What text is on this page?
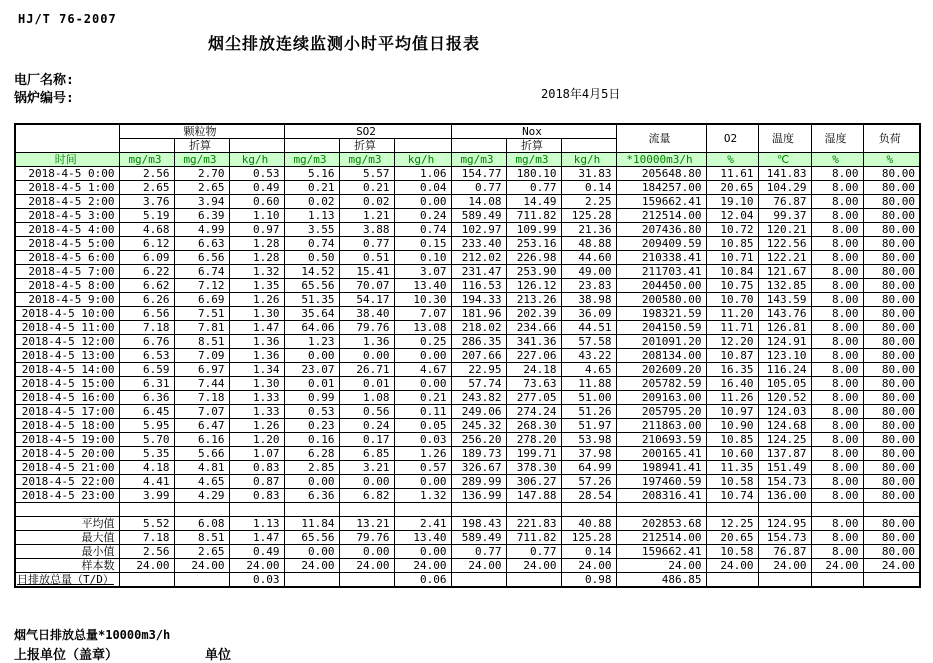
HJ/T 76-2007
烟尘排放连续监测小时平均值日报表
电厂名称:
锅炉编号:	2018年4月5日
	颗粒物			SO2			Nox			流量	O2	温度	湿度	负荷
		折算			折算			折算						
时间	mg/m3	mg/m3	kg/h	mg/m3	mg/m3	kg/h	mg/m3	mg/m3	kg/h	*10000m3/h	%	℃	%	%
2018-4-5 0:00	2.56	2.70	0.53	5.16	5.57	1.06	154.77	180.10	31.83	205648.80	11.61	141.83	8.00	80.00
2018-4-5 1:00	2.65	2.65	0.49	0.21	0.21	0.04	0.77	0.77	0.14	184257.00	20.65	104.29	8.00	80.00
2018-4-5 2:00	3.76	3.94	0.60	0.02	0.02	0.00	14.08	14.49	2.25	159662.41	19.10	76.87	8.00	80.00
2018-4-5 3:00	5.19	6.39	1.10	1.13	1.21	0.24	589.49	711.82	125.28	212514.00	12.04	99.37	8.00	80.00
2018-4-5 4:00	4.68	4.99	0.97	3.55	3.88	0.74	102.97	109.99	21.36	207436.80	10.72	120.21	8.00	80.00
2018-4-5 5:00	6.12	6.63	1.28	0.74	0.77	0.15	233.40	253.16	48.88	209409.59	10.85	122.56	8.00	80.00
2018-4-5 6:00	6.09	6.56	1.28	0.50	0.51	0.10	212.02	226.98	44.60	210338.41	10.71	122.21	8.00	80.00
2018-4-5 7:00	6.22	6.74	1.32	14.52	15.41	3.07	231.47	253.90	49.00	211703.41	10.84	121.67	8.00	80.00
2018-4-5 8:00	6.62	7.12	1.35	65.56	70.07	13.40	116.53	126.12	23.83	204450.00	10.75	132.85	8.00	80.00
2018-4-5 9:00	6.26	6.69	1.26	51.35	54.17	10.30	194.33	213.26	38.98	200580.00	10.70	143.59	8.00	80.00
2018-4-5 10:00	6.56	7.51	1.30	35.64	38.40	7.07	181.96	202.39	36.09	198321.59	11.20	143.76	8.00	80.00
2018-4-5 11:00	7.18	7.81	1.47	64.06	79.76	13.08	218.02	234.66	44.51	204150.59	11.71	126.81	8.00	80.00
2018-4-5 12:00	6.76	8.51	1.36	1.23	1.36	0.25	286.35	341.36	57.58	201091.20	12.20	124.91	8.00	80.00
2018-4-5 13:00	6.53	7.09	1.36	0.00	0.00	0.00	207.66	227.06	43.22	208134.00	10.87	123.10	8.00	80.00
2018-4-5 14:00	6.59	6.97	1.34	23.07	26.71	4.67	22.95	24.18	4.65	202609.20	16.35	116.24	8.00	80.00
2018-4-5 15:00	6.31	7.44	1.30	0.01	0.01	0.00	57.74	73.63	11.88	205782.59	16.40	105.05	8.00	80.00
2018-4-5 16:00	6.36	7.18	1.33	0.99	1.08	0.21	243.82	277.05	51.00	209163.00	11.26	120.52	8.00	80.00
2018-4-5 17:00	6.45	7.07	1.33	0.53	0.56	0.11	249.06	274.24	51.26	205795.20	10.97	124.03	8.00	80.00
2018-4-5 18:00	5.95	6.47	1.26	0.23	0.24	0.05	245.32	268.30	51.97	211863.00	10.90	124.68	8.00	80.00
2018-4-5 19:00	5.70	6.16	1.20	0.16	0.17	0.03	256.20	278.20	53.98	210693.59	10.85	124.25	8.00	80.00
2018-4-5 20:00	5.35	5.66	1.07	6.28	6.85	1.26	189.73	199.71	37.98	200165.41	10.60	137.87	8.00	80.00
2018-4-5 21:00	4.18	4.81	0.83	2.85	3.21	0.57	326.67	378.30	64.99	198941.41	11.35	151.49	8.00	80.00
2018-4-5 22:00	4.41	4.65	0.87	0.00	0.00	0.00	289.99	306.27	57.26	197460.59	10.58	154.73	8.00	80.00
2018-4-5 23:00	3.99	4.29	0.83	6.36	6.82	1.32	136.99	147.88	28.54	208316.41	10.74	136.00	8.00	80.00

平均值	5.52	6.08	1.13	11.84	13.21	2.41	198.43	221.83	40.88	202853.68	12.25	124.95	8.00	80.00
最大值	7.18	8.51	1.47	65.56	79.76	13.40	589.49	711.82	125.28	212514.00	20.65	154.73	8.00	80.00
最小值	2.56	2.65	0.49	0.00	0.00	0.00	0.77	0.77	0.14	159662.41	10.58	76.87	8.00	80.00
样本数	24.00	24.00	24.00	24.00	24.00	24.00	24.00	24.00	24.00	24.00	24.00	24.00	24.00	24.00
日排放总量（T/D）			0.03			0.06			0.98	486.85				
烟气日排放总量*10000m3/h
上报单位（盖章）	单位
